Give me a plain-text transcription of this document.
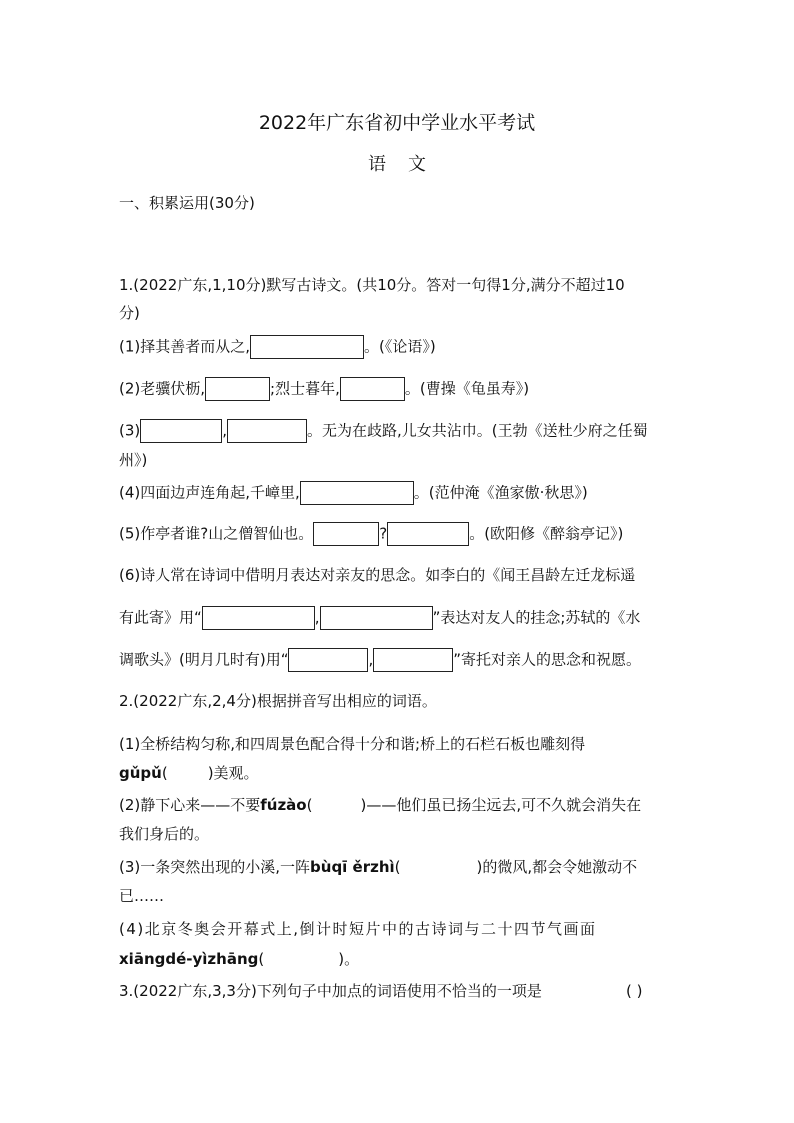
2022年广东省初中学业水平考试
语文
一、积累运用(30分)
1.(2022广东,1,10分)默写古诗文。(共10分。答对一句得1分,满分不超过10
分)
(1)择其善者而从之,	。(《论语》)
(2)老骥伏枥,	;烈士暮年,	。(曹操《龟虽寿》)
(3)	,	。无为在歧路,儿女共沾巾。(王勃《送杜少府之任蜀
州》)
(4)四面边声连角起,千嶂里,	。(范仲淹《渔家傲·秋思》)
(5)作亭者谁?山之僧智仙也。	?	。(欧阳修《醉翁亭记》)
(6)诗人常在诗词中借明月表达对亲友的思念。如李白的《闻王昌龄左迁龙标遥
有此寄》用“	,	”表达对友人的挂念;苏轼的《水
调歌头》(明月几时有)用“	,	”寄托对亲人的思念和祝愿。
2.(2022广东,2,4分)根据拼音写出相应的词语。
(1)全桥结构匀称,和四周景色配合得十分和谐;桥上的石栏石板也雕刻得
gǔpǔ(	)美观。
(2)静下心来——不要fúzào(	)——他们虽已扬尘远去,可不久就会消失在
我们身后的。
(3)一条突然出现的小溪,一阵bùqī ěrzhì(	)的微风,都会令她激动不
已……
(4)北京冬奥会开幕式上,倒计时短片中的古诗词与二十四节气画面
xiāngdé-yìzhāng(	)。
3.(2022广东,3,3分)下列句子中加点的词语使用不恰当的一项是	( )
